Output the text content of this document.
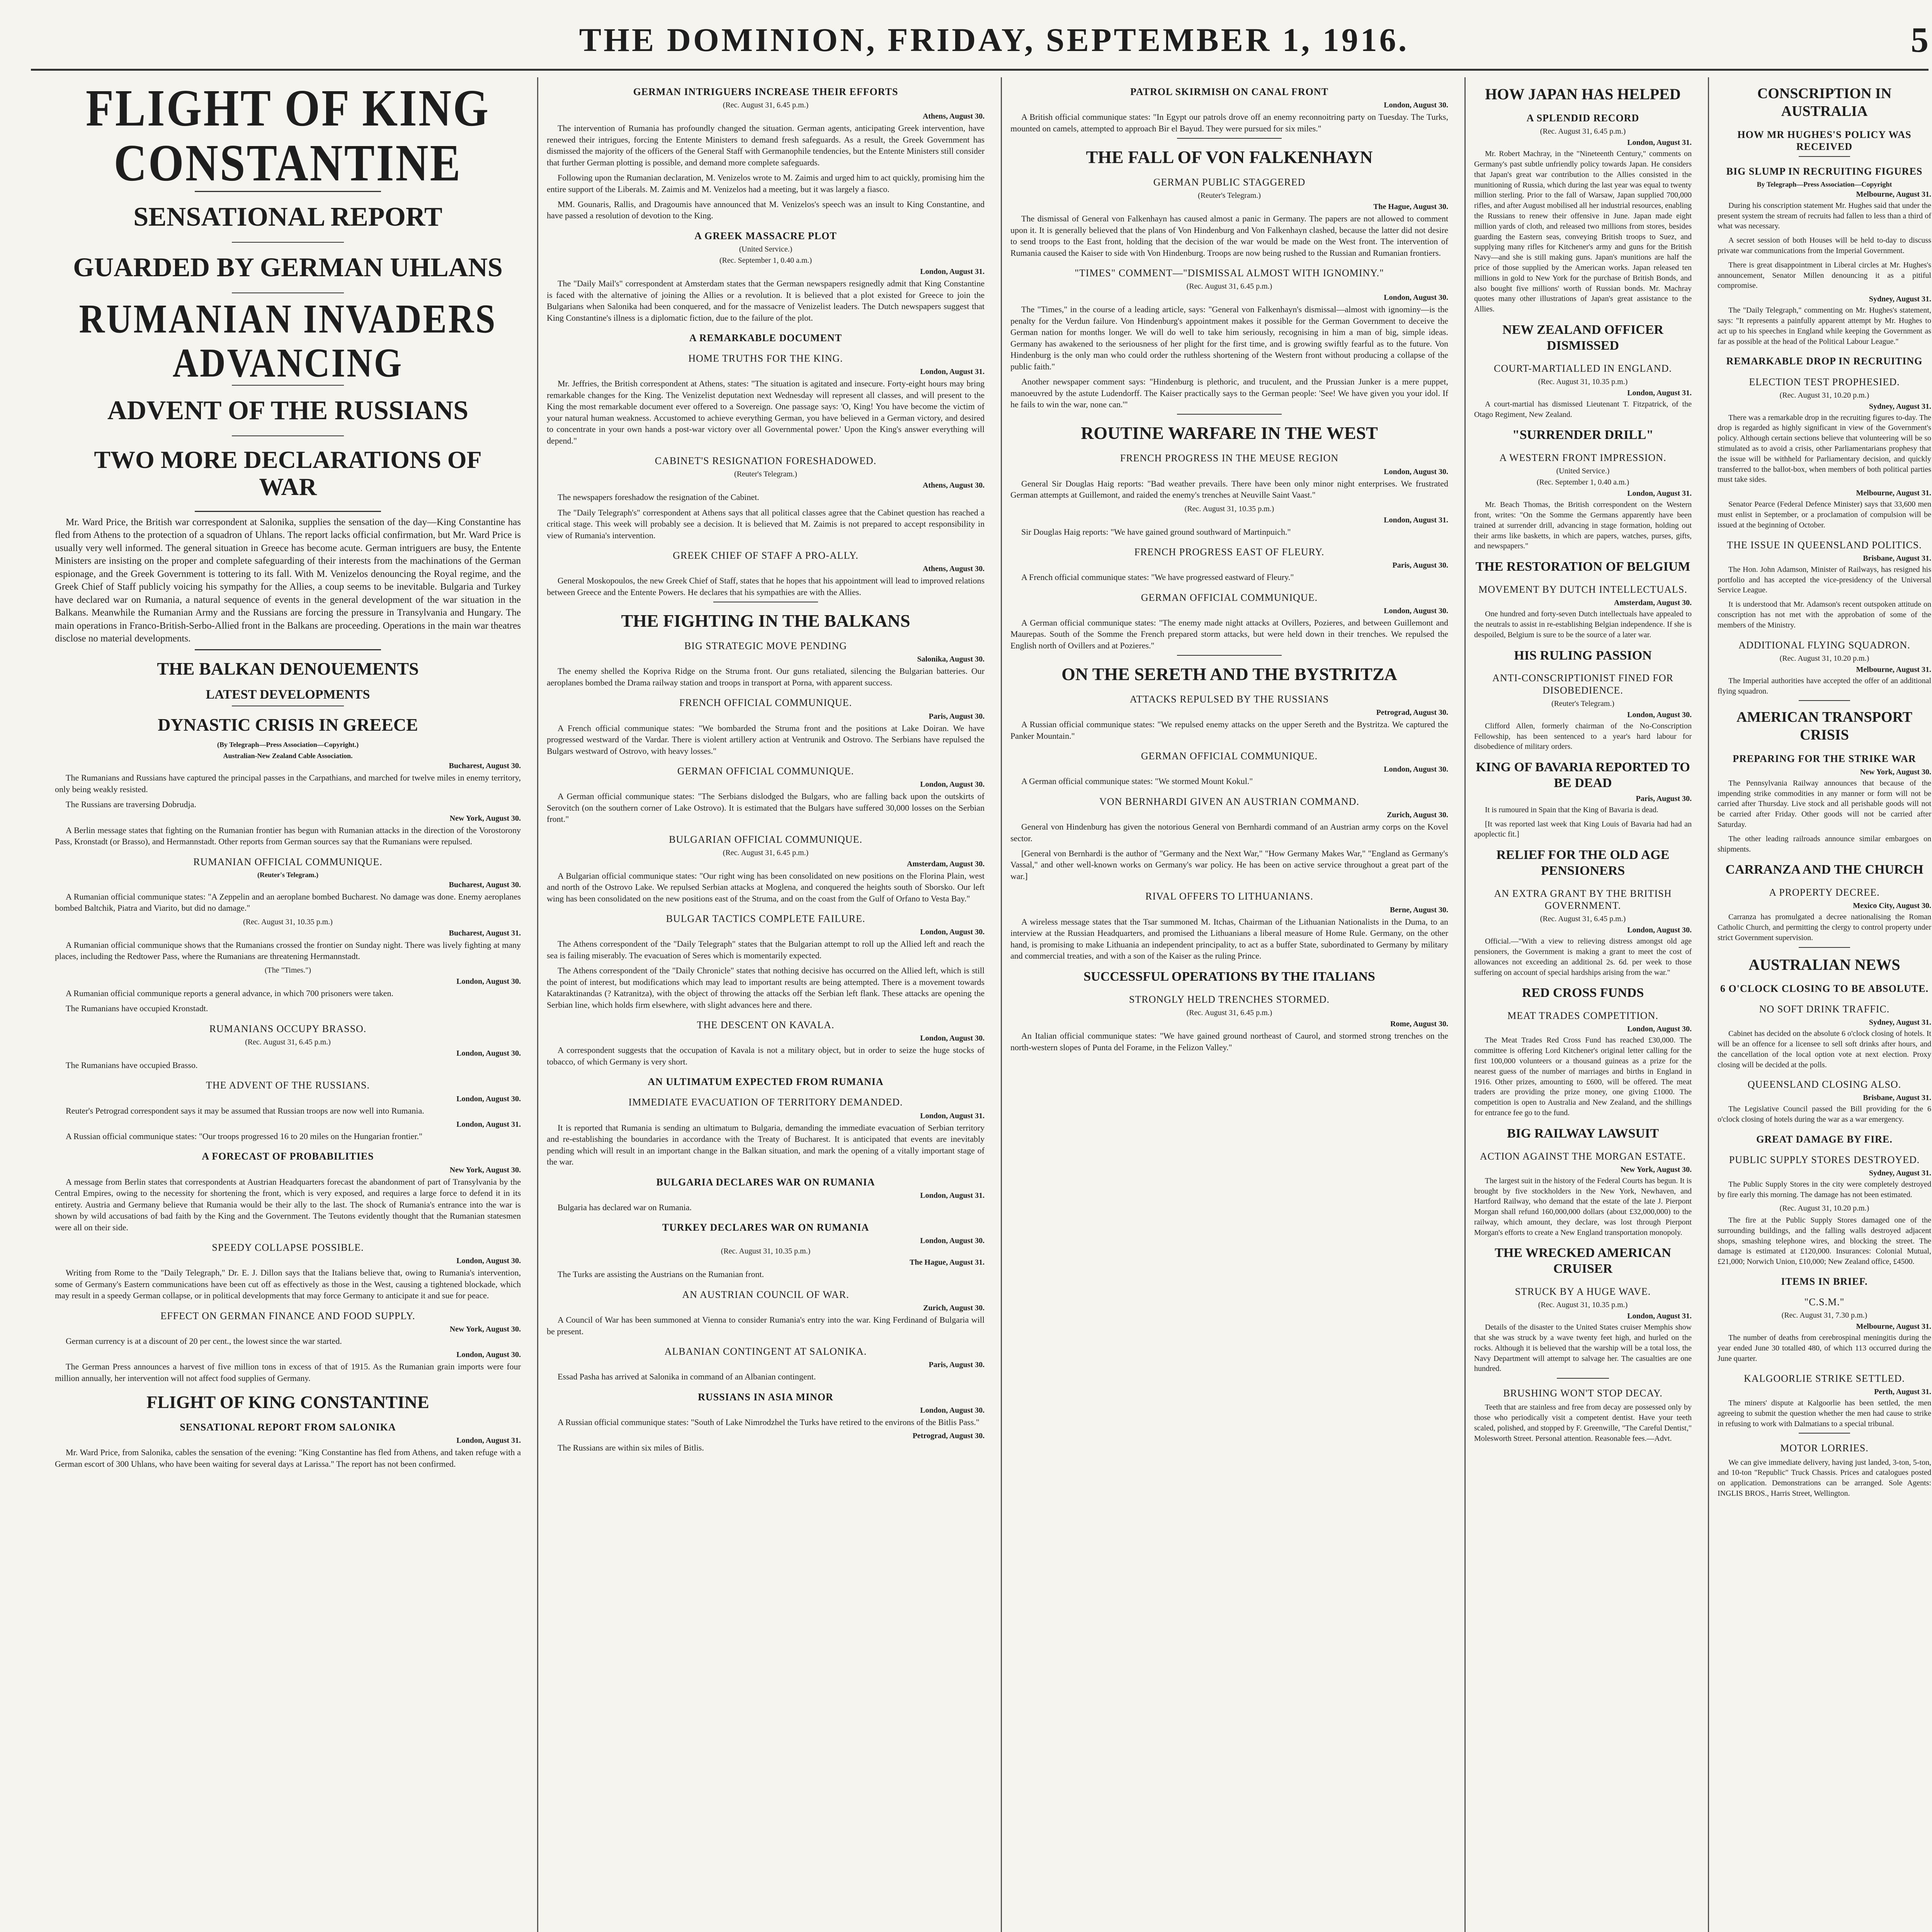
THE DOMINION, FRIDAY, SEPTEMBER 1, 1916.	5
FLIGHT OF KING
CONSTANTINE
SENSATIONAL REPORT
GUARDED BY GERMAN UHLANS
RUMANIAN INVADERS
ADVANCING
ADVENT OF THE RUSSIANS
TWO MORE DECLARATIONS OF
WAR

Mr. Ward Price, the British war correspondent at Salonika, supplies the sensation of the day—King Constantine has fled from Athens to the protection of a squadron of Uhlans. The report lacks official confirmation, but Mr. Ward Price is usually very well informed. The general situation in Greece has become acute. German intriguers are busy, the Entente Ministers are insisting on the proper and complete safeguarding of their interests from the machinations of the German espionage, and the Greek Government is tottering to its fall. With M. Venizelos denouncing the Royal regime, and the Greek Chief of Staff publicly voicing his sympathy for the Allies, a coup seems to be inevitable. Bulgaria and Turkey have declared war on Rumania, a natural sequence of events in the general development of the war situation in the Balkans. Meanwhile the Rumanian Army and the Russians are forcing the pressure in Transylvania and Hungary. The main operations in Franco-British-Serbo-Allied front in the Balkans are proceeding. Operations in the main war theatres disclose no material developments.

THE BALKAN DENOUEMENTS
LATEST DEVELOPMENTS
DYNASTIC CRISIS IN GREECE
(By Telegraph—Press Association—Copyright.)
Australian-New Zealand Cable Association.
Bucharest, August 30.

The Rumanians and Russians have captured the principal passes in the Carpathians, and marched for twelve miles in enemy territory, only being weakly resisted.

The Russians are traversing Dobrudja.

New York, August 30.

A Berlin message states that fighting on the Rumanian frontier has begun with Rumanian attacks in the direction of the Vorostorony Pass, Kronstadt (or Brasso), and Hermannstadt. Other reports from German sources say that the Rumanians were repulsed.

RUMANIAN OFFICIAL COMMUNIQUE.
(Reuter's Telegram.)
Bucharest, August 30.

A Rumanian official communique states: "A Zeppelin and an aeroplane bombed Bucharest. No damage was done. Enemy aeroplanes bombed Baltchik, Piatra and Viarito, but did no damage."

(Rec. August 31, 10.35 p.m.)
Bucharest, August 31.

A Rumanian official communique shows that the Rumanians crossed the frontier on Sunday night. There was lively fighting at many places, including the Redtower Pass, where the Rumanians are threatening Hermannstadt.

(The "Times.")
London, August 30.

A Rumanian official communique reports a general advance, in which 700 prisoners were taken.

The Rumanians have occupied Kronstadt.

RUMANIANS OCCUPY BRASSO.
(Rec. August 31, 6.45 p.m.)
London, August 30.

The Rumanians have occupied Brasso.

THE ADVENT OF THE RUSSIANS.
London, August 30.

Reuter's Petrograd correspondent says it may be assumed that Russian troops are now well into Rumania.

London, August 31.

A Russian official communique states: "Our troops progressed 16 to 20 miles on the Hungarian frontier."

A FORECAST OF PROBABILITIES
New York, August 30.

A message from Berlin states that correspondents at Austrian Headquarters forecast the abandonment of part of Transylvania by the Central Empires, owing to the necessity for shortening the front, which is very exposed, and requires a large force to defend it in its entirety. Austria and Germany believe that Rumania would be their ally to the last. The shock of Rumania's entrance into the war is shown by wild accusations of bad faith by the King and the Government. The Teutons evidently thought that the Rumanian statesmen were all on their side.

SPEEDY COLLAPSE POSSIBLE.
London, August 30.

Writing from Rome to the "Daily Telegraph," Dr. E. J. Dillon says that the Italians believe that, owing to Rumania's intervention, some of Germany's Eastern communications have been cut off as effectively as those in the West, causing a tightened blockade, which may result in a speedy German collapse, or in political developments that may force Germany to anticipate it and sue for peace.

EFFECT ON GERMAN FINANCE AND FOOD SUPPLY.
New York, August 30.

German currency is at a discount of 20 per cent., the lowest since the war started.

London, August 30.

The German Press announces a harvest of five million tons in excess of that of 1915. As the Rumanian grain imports were four million annually, her intervention will not affect food supplies of Germany.

FLIGHT OF KING CONSTANTINE
SENSATIONAL REPORT FROM SALONIKA
London, August 31.

Mr. Ward Price, from Salonika, cables the sensation of the evening: "King Constantine has fled from Athens, and taken refuge with a German escort of 300 Uhlans, who have been waiting for several days at Larissa." The report has not been confirmed.

GERMAN INTRIGUERS INCREASE THEIR EFFORTS
(Rec. August 31, 6.45 p.m.)
Athens, August 30.

The intervention of Rumania has profoundly changed the situation. German agents, anticipating Greek intervention, have renewed their intrigues, forcing the Entente Ministers to demand fresh safeguards. As a result, the Greek Government has dismissed the majority of the officers of the General Staff with Germanophile tendencies, but the Entente Ministers still consider that further German plotting is possible, and demand more complete safeguards.

Following upon the Rumanian declaration, M. Venizelos wrote to M. Zaimis and urged him to act quickly, promising him the entire support of the Liberals. M. Zaimis and M. Venizelos had a meeting, but it was largely a fiasco.

MM. Gounaris, Rallis, and Dragoumis have announced that M. Venizelos's speech was an insult to King Constantine, and have passed a resolution of devotion to the King.

A GREEK MASSACRE PLOT
(United Service.)
(Rec. September 1, 0.40 a.m.)
London, August 31.

The "Daily Mail's" correspondent at Amsterdam states that the German newspapers resignedly admit that King Constantine is faced with the alternative of joining the Allies or a revolution. It is believed that a plot existed for Greece to join the Bulgarians when Salonika had been conquered, and for the massacre of Venizelist leaders. The Dutch newspapers suggest that King Constantine's illness is a diplomatic fiction, due to the failure of the plot.

A REMARKABLE DOCUMENT
HOME TRUTHS FOR THE KING.
London, August 31.

Mr. Jeffries, the British correspondent at Athens, states: "The situation is agitated and insecure. Forty-eight hours may bring remarkable changes for the King. The Venizelist deputation next Wednesday will represent all classes, and will present to the King the most remarkable document ever offered to a Sovereign. One passage says: 'O, King! You have become the victim of your natural human weakness. Accustomed to achieve everything German, you have believed in a German victory, and desired to concentrate in your own hands a post-war victory over all Governmental power.' Upon the King's answer everything will depend."

CABINET'S RESIGNATION FORESHADOWED.
(Reuter's Telegram.)
Athens, August 30.

The newspapers foreshadow the resignation of the Cabinet.

The "Daily Telegraph's" correspondent at Athens says that all political classes agree that the Cabinet question has reached a critical stage. This week will probably see a decision. It is believed that M. Zaimis is not prepared to accept responsibility in view of Rumania's intervention.

GREEK CHIEF OF STAFF A PRO-ALLY.
Athens, August 30.

General Moskopoulos, the new Greek Chief of Staff, states that he hopes that his appointment will lead to improved relations between Greece and the Entente Powers. He declares that his sympathies are with the Allies.

THE FIGHTING IN THE BALKANS
BIG STRATEGIC MOVE PENDING
Salonika, August 30.

The enemy shelled the Kopriva Ridge on the Struma front. Our guns retaliated, silencing the Bulgarian batteries. Our aeroplanes bombed the Drama railway station and troops in transport at Porna, with apparent success.

FRENCH OFFICIAL COMMUNIQUE.
Paris, August 30.

A French official communique states: "We bombarded the Struma front and the positions at Lake Doiran. We have progressed westward of the Vardar. There is violent artillery action at Ventrunik and Ostrovo. The Serbians have repulsed the Bulgars westward of Ostrovo, with heavy losses."

GERMAN OFFICIAL COMMUNIQUE.
London, August 30.

A German official communique states: "The Serbians dislodged the Bulgars, who are falling back upon the outskirts of Serovitch (on the southern corner of Lake Ostrovo). It is estimated that the Bulgars have suffered 30,000 losses on the Serbian front."

BULGARIAN OFFICIAL COMMUNIQUE.
(Rec. August 31, 6.45 p.m.)
Amsterdam, August 30.

A Bulgarian official communique states: "Our right wing has been consolidated on new positions on the Florina Plain, west and north of the Ostrovo Lake. We repulsed Serbian attacks at Moglena, and conquered the heights south of Sborsko. Our left wing has been consolidated on the new positions east of the Struma, and on the coast from the Gulf of Orfano to Vesta Bay."

BULGAR TACTICS COMPLETE FAILURE.
London, August 30.

The Athens correspondent of the "Daily Telegraph" states that the Bulgarian attempt to roll up the Allied left and reach the sea is failing miserably. The evacuation of Seres which is momentarily expected.

The Athens correspondent of the "Daily Chronicle" states that nothing decisive has occurred on the Allied left, which is still the point of interest, but modifications which may lead to important results are being attempted. There is a movement towards Kataraktinandas (? Katranitza), with the object of throwing the attacks off the Serbian left flank. These attacks are opening the Serbian line, which holds firm elsewhere, with slight advances here and there.

THE DESCENT ON KAVALA.
London, August 30.

A correspondent suggests that the occupation of Kavala is not a military object, but in order to seize the huge stocks of tobacco, of which Germany is very short.

AN ULTIMATUM EXPECTED FROM RUMANIA
IMMEDIATE EVACUATION OF TERRITORY DEMANDED.
London, August 31.

It is reported that Rumania is sending an ultimatum to Bulgaria, demanding the immediate evacuation of Serbian territory and re-establishing the boundaries in accordance with the Treaty of Bucharest. It is anticipated that events are inevitably pending which will result in an important change in the Balkan situation, and mark the opening of a vitally important stage of the war.

BULGARIA DECLARES WAR ON RUMANIA
London, August 31.

Bulgaria has declared war on Rumania.

TURKEY DECLARES WAR ON RUMANIA
London, August 30.
(Rec. August 31, 10.35 p.m.)
The Hague, August 31.

The Turks are assisting the Austrians on the Rumanian front.

AN AUSTRIAN COUNCIL OF WAR.
Zurich, August 30.

A Council of War has been summoned at Vienna to consider Rumania's entry into the war. King Ferdinand of Bulgaria will be present.

ALBANIAN CONTINGENT AT SALONIKA.
Paris, August 30.

Essad Pasha has arrived at Salonika in command of an Albanian contingent.

RUSSIANS IN ASIA MINOR
London, August 30.

A Russian official communique states: "South of Lake Nimrodzhel the Turks have retired to the environs of the Bitlis Pass."

Petrograd, August 30.

The Russians are within six miles of Bitlis.

PATROL SKIRMISH ON CANAL FRONT
London, August 30.

A British official communique states: "In Egypt our patrols drove off an enemy reconnoitring party on Tuesday. The Turks, mounted on camels, attempted to approach Bir el Bayud. They were pursued for six miles."

THE FALL OF VON FALKENHAYN
GERMAN PUBLIC STAGGERED
(Reuter's Telegram.)
The Hague, August 30.

The dismissal of General von Falkenhayn has caused almost a panic in Germany. The papers are not allowed to comment upon it. It is generally believed that the plans of Von Hindenburg and Von Falkenhayn clashed, because the latter did not desire to send troops to the East front, holding that the decision of the war would be made on the West front. The intervention of Rumania caused the Kaiser to side with Von Hindenburg. Troops are now being rushed to the Russian and Rumanian frontiers.

"TIMES" COMMENT—"DISMISSAL ALMOST WITH IGNOMINY."
(Rec. August 31, 6.45 p.m.)
London, August 30.

The "Times," in the course of a leading article, says: "General von Falkenhayn's dismissal—almost with ignominy—is the penalty for the Verdun failure. Von Hindenburg's appointment makes it possible for the German Government to deceive the German nation for months longer. We will do well to take him seriously, recognising in him a man of big, simple ideas. Germany has awakened to the seriousness of her plight for the first time, and is growing swiftly fearful as to the future. Von Hindenburg is the only man who could order the ruthless shortening of the Western front without producing a collapse of the public faith."

Another newspaper comment says: "Hindenburg is plethoric, and truculent, and the Prussian Junker is a mere puppet, manoeuvred by the astute Ludendorff. The Kaiser practically says to the German people: 'See! We have given you your idol. If he fails to win the war, none can.'"

ROUTINE WARFARE IN THE WEST
FRENCH PROGRESS IN THE MEUSE REGION
London, August 30.

General Sir Douglas Haig reports: "Bad weather prevails. There have been only minor night enterprises. We frustrated German attempts at Guillemont, and raided the enemy's trenches at Neuville Saint Vaast."

(Rec. August 31, 10.35 p.m.)
London, August 31.

Sir Douglas Haig reports: "We have gained ground southward of Martinpuich."

FRENCH PROGRESS EAST OF FLEURY.
Paris, August 30.

A French official communique states: "We have progressed eastward of Fleury."

GERMAN OFFICIAL COMMUNIQUE.
London, August 30.

A German official communique states: "The enemy made night attacks at Ovillers, Pozieres, and between Guillemont and Maurepas. South of the Somme the French prepared storm attacks, but were held down in their trenches. We repulsed the English north of Ovillers and at Pozieres."

ON THE SERETH AND THE BYSTRITZA
ATTACKS REPULSED BY THE RUSSIANS
Petrograd, August 30.

A Russian official communique states: "We repulsed enemy attacks on the upper Sereth and the Bystritza. We captured the Panker Mountain."

GERMAN OFFICIAL COMMUNIQUE.
London, August 30.

A German official communique states: "We stormed Mount Kokul."

VON BERNHARDI GIVEN AN AUSTRIAN COMMAND.
Zurich, August 30.

General von Hindenburg has given the notorious General von Bernhardi command of an Austrian army corps on the Kovel sector.

[General von Bernhardi is the author of "Germany and the Next War," "How Germany Makes War," "England as Germany's Vassal," and other well-known works on Germany's war policy. He has been on active service throughout a great part of the war.]

RIVAL OFFERS TO LITHUANIANS.
Berne, August 30.

A wireless message states that the Tsar summoned M. Itchas, Chairman of the Lithuanian Nationalists in the Duma, to an interview at the Russian Headquarters, and promised the Lithuanians a liberal measure of Home Rule. Germany, on the other hand, is promising to make Lithuania an independent principality, to act as a buffer State, subordinated to Germany by military and commercial treaties, and with a son of the Kaiser as the ruling Prince.

SUCCESSFUL OPERATIONS BY THE ITALIANS
STRONGLY HELD TRENCHES STORMED.
(Rec. August 31, 6.45 p.m.)
Rome, August 30.

An Italian official communique states: "We have gained ground northeast of Caurol, and stormed strong trenches on the north-western slopes of Punta del Forame, in the Felizon Valley."

HOW JAPAN HAS HELPED
A SPLENDID RECORD
(Rec. August 31, 6.45 p.m.)
London, August 31.

Mr. Robert Machray, in the "Nineteenth Century," comments on Germany's past subtle unfriendly policy towards Japan. He considers that Japan's great war contribution to the Allies consisted in the munitioning of Russia, which during the last year was equal to twenty million sterling. Prior to the fall of Warsaw, Japan supplied 700,000 rifles, and after August mobilised all her industrial resources, enabling the Russians to renew their offensive in June. Japan made eight million yards of cloth, and released two millions from stores, besides guarding the Eastern seas, conveying British troops to Suez, and supplying many rifles for Kitchener's army and guns for the British Navy—and she is still making guns. Japan's munitions are half the price of those supplied by the American works. Japan released ten millions in gold to New York for the purchase of British Bonds, and also bought five millions' worth of Russian bonds. Mr. Machray quotes many other illustrations of Japan's great assistance to the Allies.

NEW ZEALAND OFFICER DISMISSED
COURT-MARTIALLED IN ENGLAND.
(Rec. August 31, 10.35 p.m.)
London, August 31.

A court-martial has dismissed Lieutenant T. Fitzpatrick, of the Otago Regiment, New Zealand.

"SURRENDER DRILL"
A WESTERN FRONT IMPRESSION.
(United Service.)
(Rec. September 1, 0.40 a.m.)
London, August 31.

Mr. Beach Thomas, the British correspondent on the Western front, writes: "On the Somme the Germans apparently have been trained at surrender drill, advancing in stage formation, holding out their arms like basketts, in which are papers, watches, purses, gifts, and newspapers."

THE RESTORATION OF BELGIUM
MOVEMENT BY DUTCH INTELLECTUALS.
Amsterdam, August 30.

One hundred and forty-seven Dutch intellectuals have appealed to the neutrals to assist in re-establishing Belgian independence. If she is despoiled, Belgium is sure to be the source of a later war.

HIS RULING PASSION
ANTI-CONSCRIPTIONIST FINED FOR DISOBEDIENCE.
(Reuter's Telegram.)
London, August 30.

Clifford Allen, formerly chairman of the No-Conscription Fellowship, has been sentenced to a year's hard labour for disobedience of military orders.

KING OF BAVARIA REPORTED TO BE DEAD
Paris, August 30.

It is rumoured in Spain that the King of Bavaria is dead.

[It was reported last week that King Louis of Bavaria had had an apoplectic fit.]

RELIEF FOR THE OLD AGE PENSIONERS
AN EXTRA GRANT BY THE BRITISH GOVERNMENT.
(Rec. August 31, 6.45 p.m.)
London, August 30.

Official.—"With a view to relieving distress amongst old age pensioners, the Government is making a grant to meet the cost of allowances not exceeding an additional 2s. 6d. per week to those suffering on account of special hardships arising from the war."

RED CROSS FUNDS
MEAT TRADES COMPETITION.
London, August 30.

The Meat Trades Red Cross Fund has reached £30,000. The committee is offering Lord Kitchener's original letter calling for the first 100,000 volunteers or a thousand guineas as a prize for the nearest guess of the number of marriages and births in England in 1916. Other prizes, amounting to £600, will be offered. The meat traders are providing the prize money, one giving £1000. The competition is open to Australia and New Zealand, and the shillings for entrance fee go to the fund.

BIG RAILWAY LAWSUIT
ACTION AGAINST THE MORGAN ESTATE.
New York, August 30.

The largest suit in the history of the Federal Courts has begun. It is brought by five stockholders in the New York, Newhaven, and Hartford Railway, who demand that the estate of the late J. Pierpont Morgan shall refund 160,000,000 dollars (about £32,000,000) to the railway, which amount, they declare, was lost through Pierpont Morgan's efforts to create a New England transportation monopoly.

THE WRECKED AMERICAN CRUISER
STRUCK BY A HUGE WAVE.
(Rec. August 31, 10.35 p.m.)
London, August 31.

Details of the disaster to the United States cruiser Memphis show that she was struck by a wave twenty feet high, and hurled on the rocks. Although it is believed that the warship will be a total loss, the Navy Department will attempt to salvage her. The casualties are one hundred.

BRUSHING WON'T STOP DECAY.

Teeth that are stainless and free from decay are possessed only by those who periodically visit a competent dentist. Have your teeth scaled, polished, and stopped by F. Greenwille, "The Careful Dentist," Molesworth Street. Personal attention. Reasonable fees.—Advt.

CONSCRIPTION IN AUSTRALIA
HOW MR HUGHES'S POLICY WAS RECEIVED
BIG SLUMP IN RECRUITING FIGURES
By Telegraph—Press Association—Copyright
Melbourne, August 31.

During his conscription statement Mr. Hughes said that under the present system the stream of recruits had fallen to less than a third of what was necessary.

A secret session of both Houses will be held to-day to discuss private war communications from the Imperial Government.

There is great disappointment in Liberal circles at Mr. Hughes's announcement, Senator Millen denouncing it as a pitiful compromise.

Sydney, August 31.

The "Daily Telegraph," commenting on Mr. Hughes's statement, says: "It represents a painfully apparent attempt by Mr. Hughes to act up to his speeches in England while keeping the Government as far as possible at the head of the Political Labour League."

REMARKABLE DROP IN RECRUITING
ELECTION TEST PROPHESIED.
(Rec. August 31, 10.20 p.m.)
Sydney, August 31.

There was a remarkable drop in the recruiting figures to-day. The drop is regarded as highly significant in view of the Government's policy. Although certain sections believe that volunteering will be so stimulated as to avoid a crisis, other Parliamentarians prophesy that the issue will be withheld for Parliamentary decision, and quickly transferred to the ballot-box, when members of both political parties must take sides.

Melbourne, August 31.

Senator Pearce (Federal Defence Minister) says that 33,600 men must enlist in September, or a proclamation of compulsion will be issued at the beginning of October.

THE ISSUE IN QUEENSLAND POLITICS.
Brisbane, August 31.

The Hon. John Adamson, Minister of Railways, has resigned his portfolio and has accepted the vice-presidency of the Universal Service League.

It is understood that Mr. Adamson's recent outspoken attitude on conscription has not met with the approbation of some of the members of the Ministry.

ADDITIONAL FLYING SQUADRON.
(Rec. August 31, 10.20 p.m.)
Melbourne, August 31.

The Imperial authorities have accepted the offer of an additional flying squadron.

AMERICAN TRANSPORT CRISIS
PREPARING FOR THE STRIKE WAR
New York, August 30.

The Pennsylvania Railway announces that because of the impending strike commodities in any manner or form will not be carried after Thursday. Live stock and all perishable goods will not be carried after Friday. Other goods will not be carried after Saturday.

The other leading railroads announce similar embargoes on shipments.

CARRANZA AND THE CHURCH
A PROPERTY DECREE.
Mexico City, August 30.

Carranza has promulgated a decree nationalising the Roman Catholic Church, and permitting the clergy to control property under strict Government supervision.

AUSTRALIAN NEWS
6 O'CLOCK CLOSING TO BE ABSOLUTE.
NO SOFT DRINK TRAFFIC.
Sydney, August 31.

Cabinet has decided on the absolute 6 o'clock closing of hotels. It will be an offence for a licensee to sell soft drinks after hours, and the cancellation of the local option vote at next election. Proxy closing will be decided at the polls.

QUEENSLAND CLOSING ALSO.
Brisbane, August 31.

The Legislative Council passed the Bill providing for the 6 o'clock closing of hotels during the war as a war emergency.

GREAT DAMAGE BY FIRE.
PUBLIC SUPPLY STORES DESTROYED.
Sydney, August 31.

The Public Supply Stores in the city were completely destroyed by fire early this morning. The damage has not been estimated.

(Rec. August 31, 10.20 p.m.)

The fire at the Public Supply Stores damaged one of the surrounding buildings, and the falling walls destroyed adjacent shops, smashing telephone wires, and blocking the street. The damage is estimated at £120,000. Insurances: Colonial Mutual, £21,000; Norwich Union, £10,000; New Zealand office, £4500.

ITEMS IN BRIEF.
"C.S.M."
(Rec. August 31, 7.30 p.m.)
Melbourne, August 31.

The number of deaths from cerebrospinal meningitis during the year ended June 30 totalled 480, of which 113 occurred during the June quarter.

KALGOORLIE STRIKE SETTLED.
Perth, August 31.

The miners' dispute at Kalgoorlie has been settled, the men agreeing to submit the question whether the men had cause to strike in refusing to work with Dalmatians to a special tribunal.

MOTOR LORRIES.

We can give immediate delivery, having just landed, 3-ton, 5-ton, and 10-ton "Republic" Truck Chassis. Prices and catalogues posted on application. Demonstrations can be arranged. Sole Agents: INGLIS BROS., Harris Street, Wellington.
